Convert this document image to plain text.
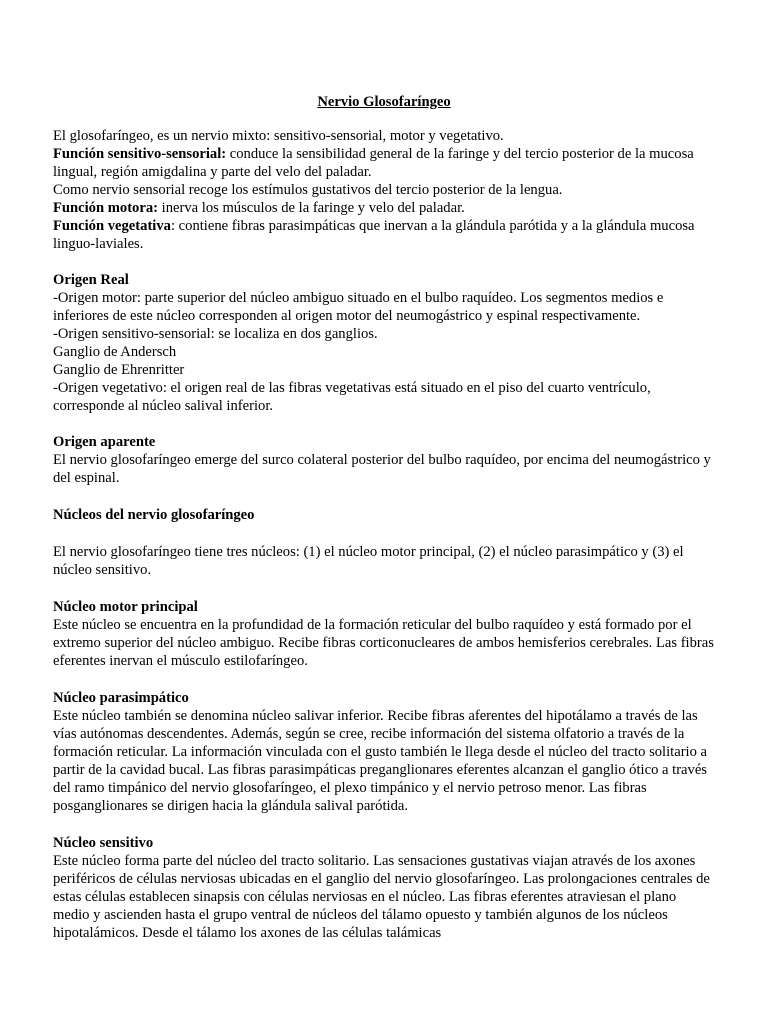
Nervio Glosofaríngeo

El glosofaríngeo, es un nervio mixto: sensitivo-sensorial, motor y vegetativo.

Función sensitivo-sensorial: conduce la sensibilidad general de la faringe y del tercio posterior de la mucosa lingual, región amigdalina y parte del velo del paladar.

Como nervio sensorial recoge los estímulos gustativos del tercio posterior de la lengua.

Función motora: inerva los músculos de la faringe y velo del paladar.

Función vegetativa: contiene fibras parasimpáticas que inervan a la glándula parótida y a la glándula mucosa linguo-laviales.

Origen Real

-Origen motor: parte superior del núcleo ambiguo situado en el bulbo raquídeo. Los segmentos medios e inferiores de este núcleo corresponden al origen motor del neumogástrico y espinal respectivamente.

-Origen sensitivo-sensorial: se localiza en dos ganglios.

Ganglio de Andersch

Ganglio de Ehrenritter

-Origen vegetativo: el origen real de las fibras vegetativas está situado en el piso del cuarto ventrículo, corresponde al núcleo salival inferior.

Origen aparente

El nervio glosofaríngeo emerge del surco colateral posterior del bulbo raquídeo, por encima del neumogástrico y del espinal.

Núcleos del nervio glosofaríngeo

El nervio glosofaríngeo tiene tres núcleos: (1) el núcleo motor principal, (2) el núcleo parasimpático y (3) el núcleo sensitivo.

Núcleo motor principal

Este núcleo se encuentra en la profundidad de la formación reticular del bulbo raquídeo y está formado por el extremo superior del núcleo ambiguo. Recibe fibras corticonucleares de ambos hemisferios cerebrales. Las fibras eferentes inervan el músculo estilofaríngeo.

Núcleo parasimpático

Este núcleo también se denomina núcleo salivar inferior. Recibe fibras aferentes del hipotálamo a través de las vías autónomas descendentes. Además, según se cree, recibe información del sistema olfatorio a través de la formación reticular. La información vinculada con el gusto también le llega desde el núcleo del tracto solitario a partir de la cavidad bucal. Las fibras parasimpáticas preganglionares eferentes alcanzan el ganglio ótico a través del ramo timpánico del nervio glosofaríngeo, el plexo timpánico y el nervio petroso menor. Las fibras posganglionares se dirigen hacia la glándula salival parótida.

Núcleo sensitivo

Este núcleo forma parte del núcleo del tracto solitario. Las sensaciones gustativas viajan através de los axones periféricos de células nerviosas ubicadas en el ganglio del nervio glosofaríngeo. Las prolongaciones centrales de estas células establecen sinapsis con células nerviosas en el núcleo. Las fibras eferentes atraviesan el plano medio y ascienden hasta el grupo ventral de núcleos del tálamo opuesto y también algunos de los núcleos hipotalámicos. Desde el tálamo los axones de las células talámicas
